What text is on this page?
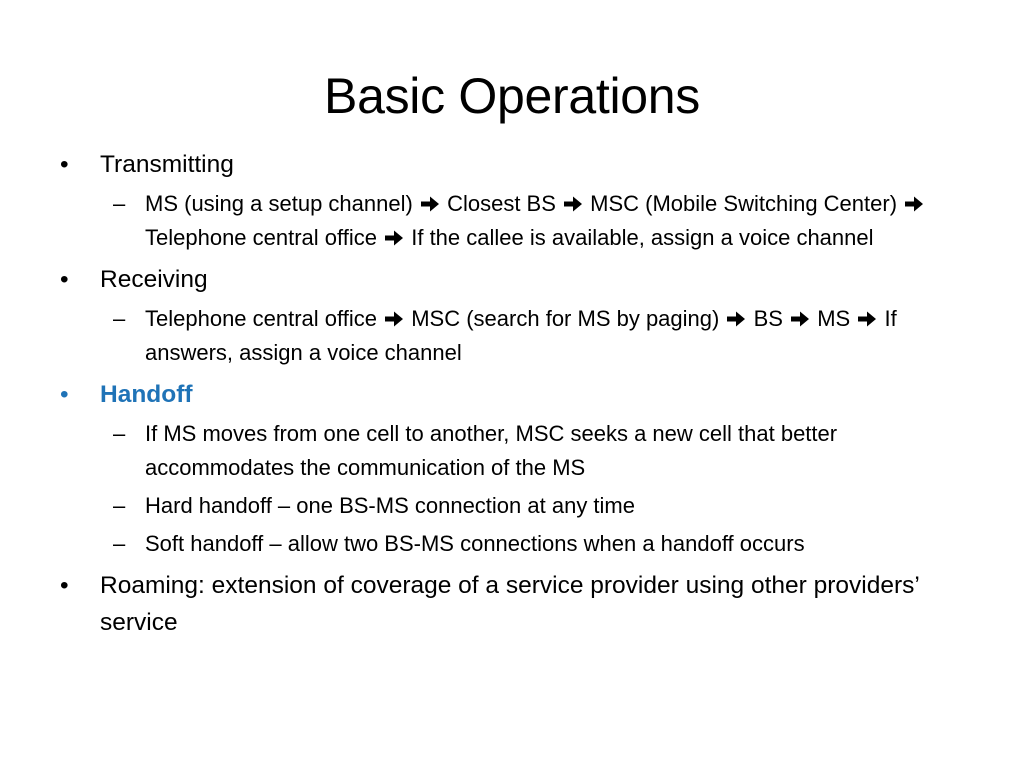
Basic Operations
•	Transmitting
– MS (using a setup channel) Closest BS MSC (Mobile Switching Center)  Telephone central office If the callee is available, assign a voice channel
•	Receiving
– Telephone central office MSC (search for MS by paging) BS MS If answers, assign a voice channel
•	Handoff
– If MS moves from one cell to another, MSC seeks a new cell that better accommodates the communication of the MS
– Hard handoff – one BS-MS connection at any time
– Soft handoff – allow two BS-MS connections when a handoff occurs
•	Roaming: extension of coverage of a service provider using other providers’ service
